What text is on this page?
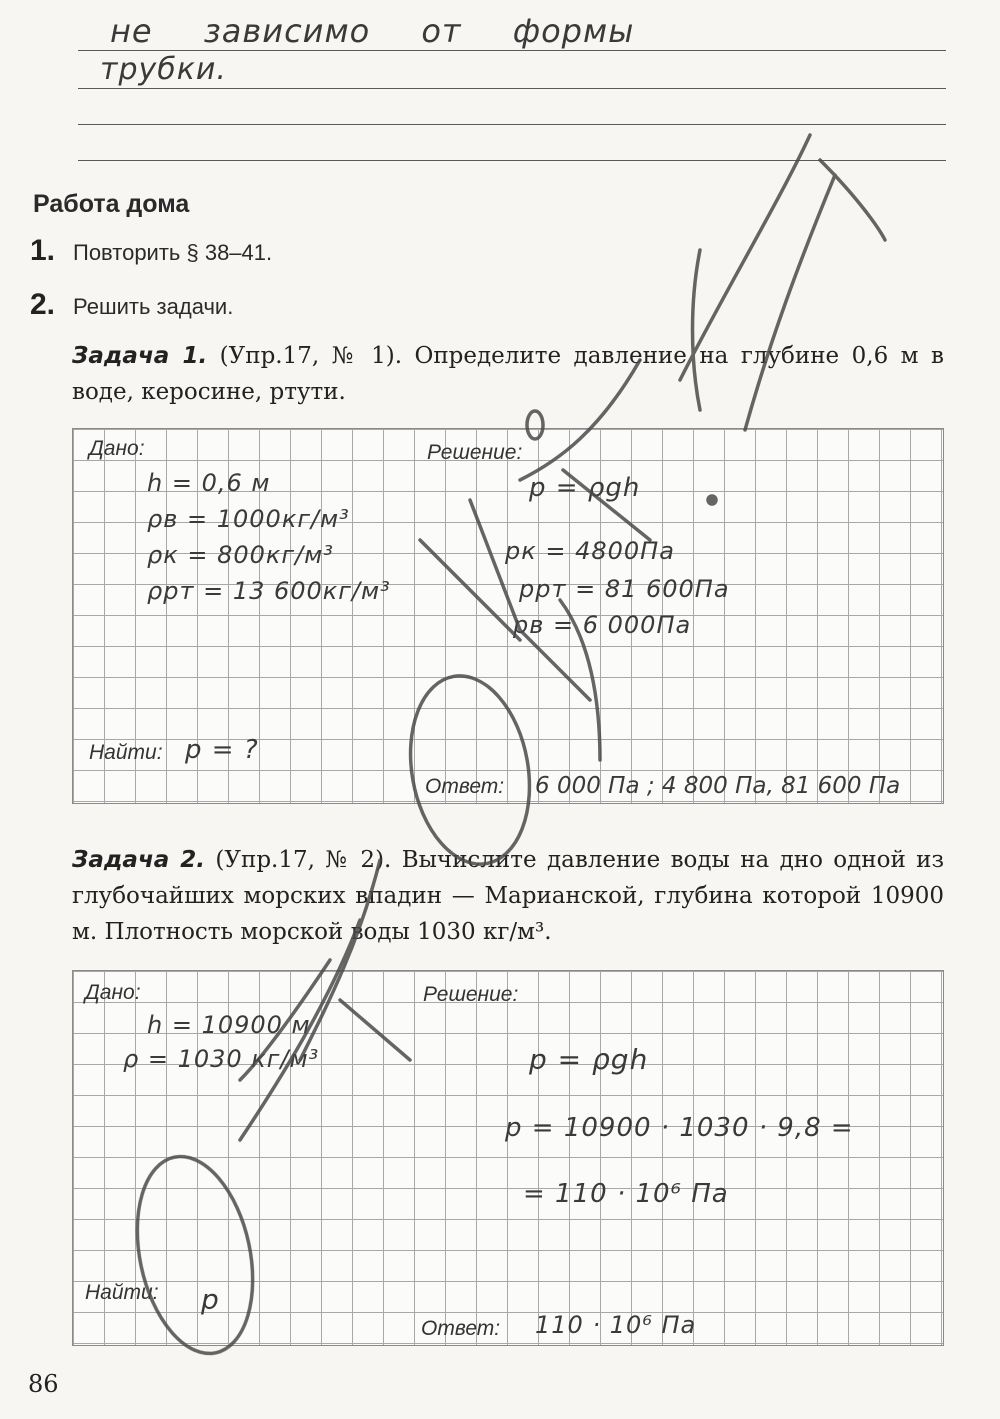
не зависимо от формы
трубки.
Работа дома
1. Повторить § 38–41.
2. Решить задачи.
Задача 1. (Упр.17, № 1). Определите давление на глубине 0,6 м в воде, керосине, ртути.
Дано:	Решение:
Найти:
Ответ:
h = 0,6 м
ρв = 1000кг/м³
ρк = 800кг/м³
ρрт = 13 600кг/м³
p = ?
p = ρgh
pк = 4800Па
pрт = 81 600Па
pв = 6 000Па
6 000 Па ; 4 800 Па, 81 600 Па
Задача 2. (Упр.17, № 2). Вычислите давление воды на дно одной из глубочайших морских впадин — Марианской, глубина которой 10900 м. Плотность морской воды 1030 кг/м³.
Дано:	Решение:
Найти:
Ответ:
h = 10900 м
ρ = 1030 кг/м³
p
p = ρgh
p = 10900 · 1030 · 9,8 =
= 110 · 10⁶ Па
110 · 10⁶ Па
86
